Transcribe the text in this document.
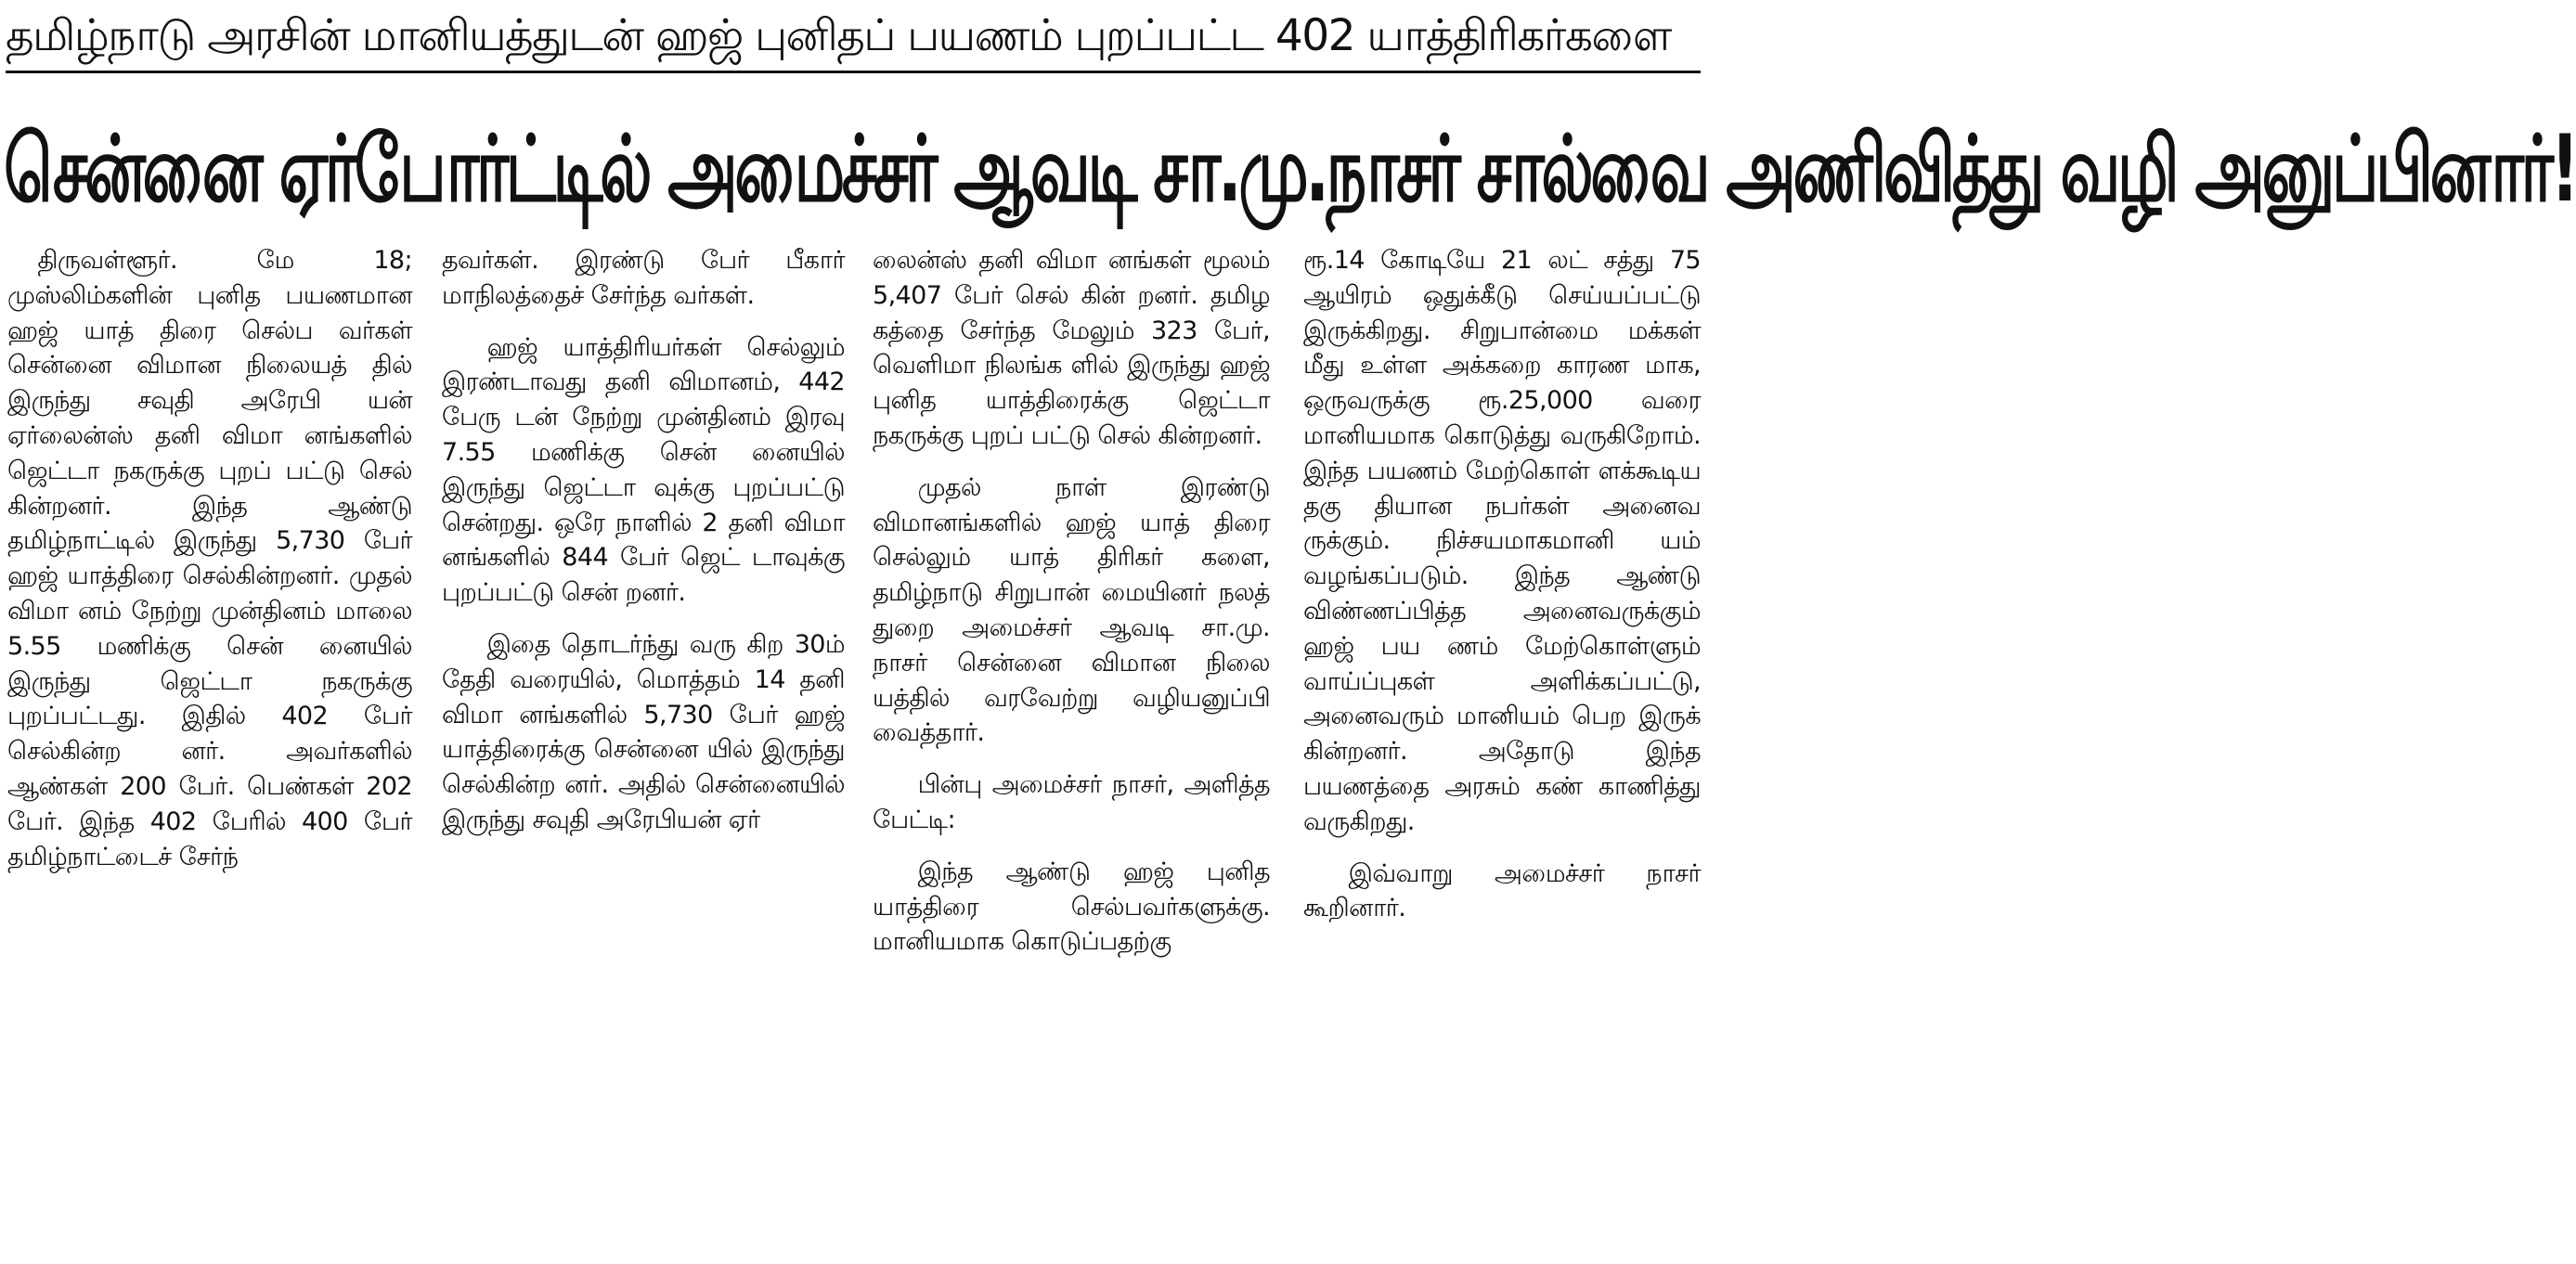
தமிழ்நாடு அரசின் மானியத்துடன் ஹஜ் புனிதப் பயணம் புறப்பட்ட 402 யாத்திரிகர்களை
சென்னை ஏர்போர்ட்டில் அமைச்சர் ஆவடி சா.மு.நாசர் சால்வை அணிவித்து வழி அனுப்பினார்!

திருவள்ளூர். மே 18; முஸ்லிம்களின் புனித பயணமான ஹஜ் யாத் திரை செல்ப வர்கள் சென்னை விமான நிலையத் தில் இருந்து சவுதி அரேபி யன் ஏர்லைன்ஸ் தனி விமா னங்களில் ஜெட்டா நகருக்கு புறப் பட்டு செல் கின்றனர். இந்த ஆண்டு தமிழ்நாட்டில் இருந்து 5,730 பேர் ஹஜ் யாத்திரை செல்கின்றனர். முதல் விமா னம் நேற்று முன்தினம் மாலை 5.55 மணிக்கு சென் னையில் இருந்து ஜெட்டா நகருக்கு புறப்பட்டது. இதில் 402 பேர் செல்கின்ற னர். அவர்களில் ஆண்கள் 200 பேர். பெண்கள் 202 பேர். இந்த 402 பேரில் 400 பேர் தமிழ்நாட்டைச் சேர்ந்

தவர்கள். இரண்டு பேர் பீகார் மாநிலத்தைச் சேர்ந்த வர்கள்.

ஹஜ் யாத்திரியர்கள் செல்லும் இரண்டாவது தனி விமானம், 442 பேரு டன் நேற்று முன்தினம் இரவு 7.55 மணிக்கு சென் னையில் இருந்து ஜெட்டா வுக்கு புறப்பட்டு சென்றது. ஒரே நாளில் 2 தனி விமா னங்களில் 844 பேர் ஜெட் டாவுக்கு புறப்பட்டு சென் றனர்.

இதை தொடர்ந்து வரு கிற 30ம் தேதி வரையில், மொத்தம் 14 தனி விமா னங்களில் 5,730 பேர் ஹஜ் யாத்திரைக்கு சென்னை யில் இருந்து செல்கின்ற னர். அதில் சென்னையில் இருந்து சவுதி அரேபியன் ஏர்

லைன்ஸ் தனி விமா னங்கள் மூலம் 5,407 பேர் செல் கின் றனர். தமிழ கத்தை சேர்ந்த மேலும் 323 பேர், வெளிமா நிலங்க ளில் இருந்து ஹஜ் புனித யாத்திரைக்கு ஜெட்டா நகருக்கு புறப் பட்டு செல் கின்றனர்.

முதல் நாள் இரண்டு விமானங்களில் ஹஜ் யாத் திரை செல்லும் யாத் திரிகர் களை, தமிழ்நாடு சிறுபான் மையினர் நலத் துறை அமைச்சர் ஆவடி சா.மு. நாசர் சென்னை விமான நிலை யத்தில் வரவேற்று வழியனுப்பி வைத்தார்.

பின்பு அமைச்சர் நாசர், அளித்த பேட்டி:

இந்த ஆண்டு ஹஜ் புனித யாத்திரை செல்பவர்களுக்கு. மானியமாக கொடுப்பதற்கு

ரூ.14 கோடியே 21 லட் சத்து 75 ஆயிரம் ஒதுக்கீடு செய்யப்பட்டு இருக்கிறது. சிறுபான்மை மக்கள் மீது உள்ள அக்கறை காரண மாக, ஒருவருக்கு ரூ.25,000 வரை மானியமாக கொடுத்து வருகிறோம். இந்த பயணம் மேற்கொள் ளக்கூடிய தகு தியான நபர்கள் அனைவ ருக்கும். நிச்சயமாகமானி யம் வழங்கப்படும். இந்த ஆண்டு விண்ணப்பித்த அனைவருக்கும் ஹஜ் பய ணம் மேற்கொள்ளும் வாய்ப்புகள் அளிக்கப்பட்டு, அனைவரும் மானியம் பெற இருக் கின்றனர். அதோடு இந்த பயணத்தை அரசும் கண் காணித்து வருகிறது.

இவ்வாறு அமைச்சர் நாசர் கூறினார்.
